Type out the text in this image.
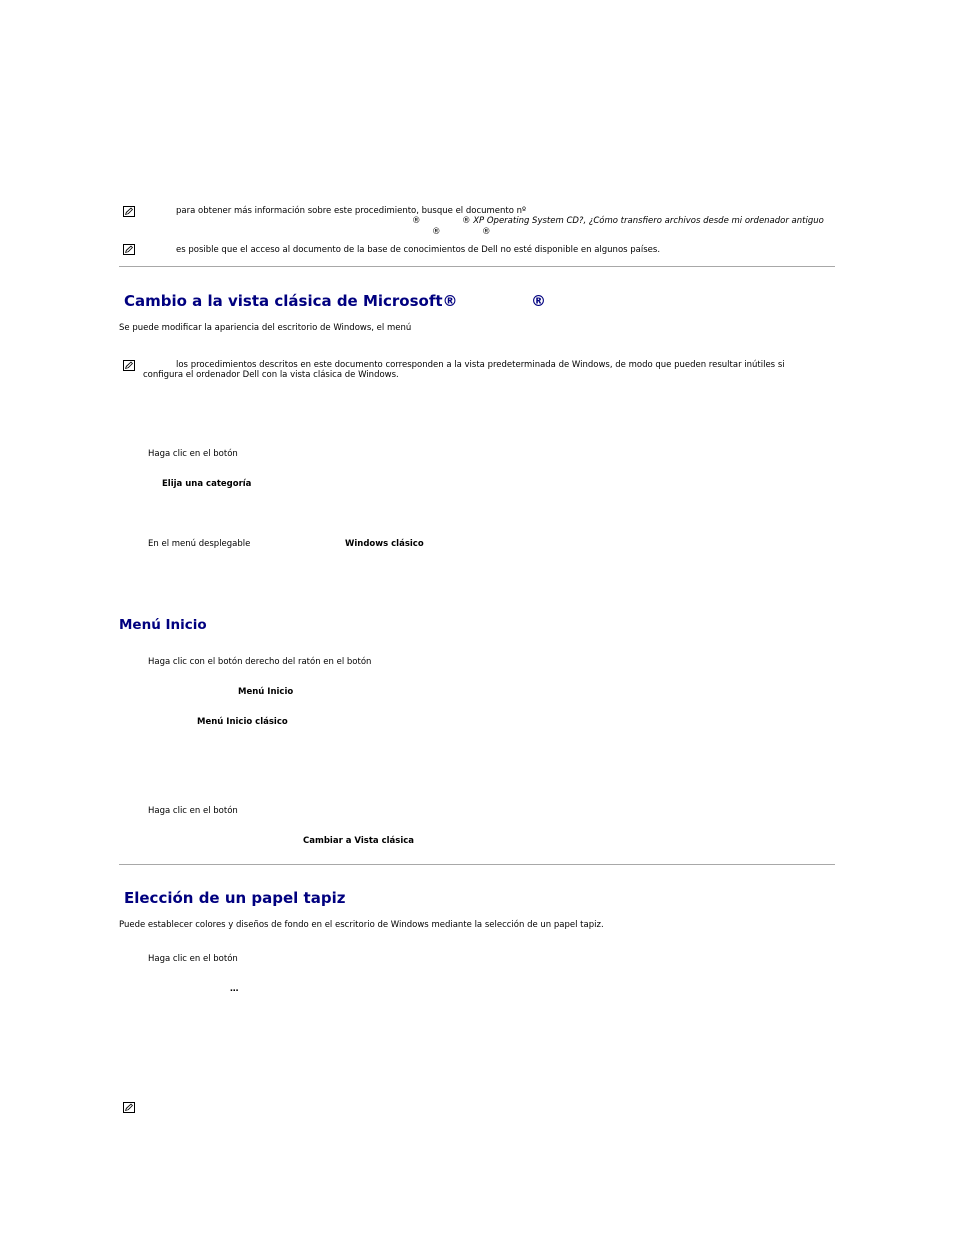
para obtener más información sobre este procedimiento, busque el documento nº
®	® XP Operating System CD?, ¿Cómo transfiero archivos desde mi ordenador antiguo
®	®
es posible que el acceso al documento de la base de conocimientos de Dell no esté disponible en algunos países.
Cambio a la vista clásica de Microsoft®	®
Se puede modificar la apariencia del escritorio de Windows, el menú
los procedimientos descritos en este documento corresponden a la vista predeterminada de Windows, de modo que pueden resultar inútiles si
configura el ordenador Dell con la vista clásica de Windows.
Haga clic en el botón
Elija una categoría
En el menú desplegable	Windows clásico
Menú Inicio
Haga clic con el botón derecho del ratón en el botón
Menú Inicio
Menú Inicio clásico
Haga clic en el botón
Cambiar a Vista clásica
Elección de un papel tapiz
Puede establecer colores y diseños de fondo en el escritorio de Windows mediante la selección de un papel tapiz.
Haga clic en el botón
…
